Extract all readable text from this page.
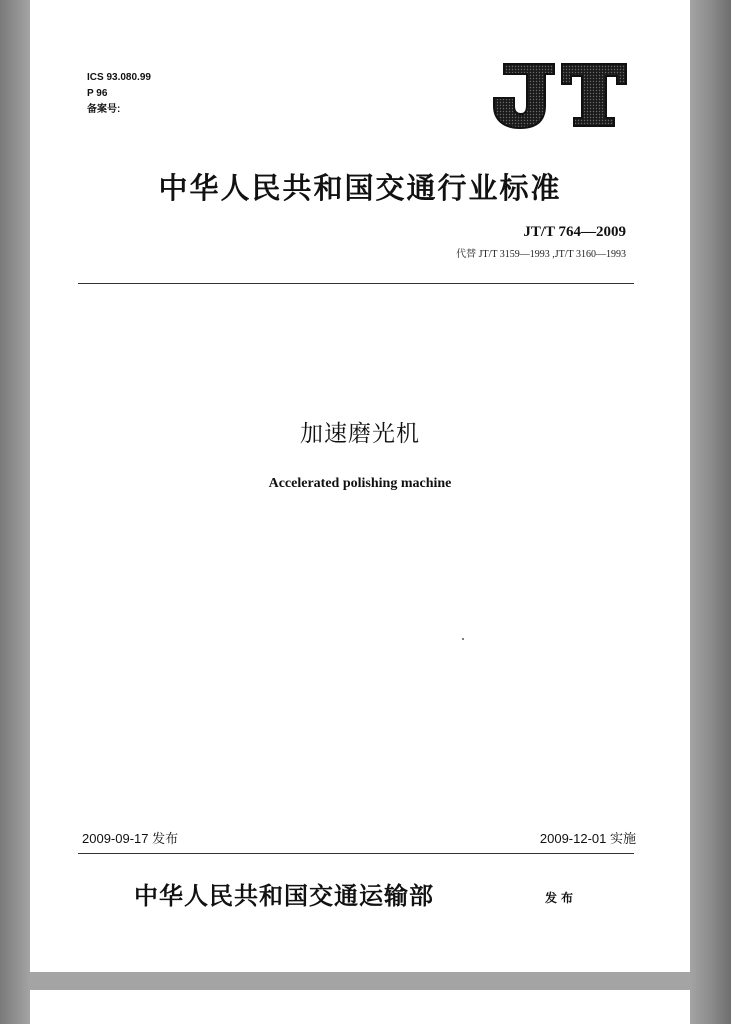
ICS 93.080.99
P 96
备案号:
中华人民共和国交通行业标准
JT/T 764—2009
代替 JT/T 3159—1993 ,JT/T 3160—1993
加速磨光机
Accelerated polishing machine
2009-09-17 发布	2009-12-01 实施
中华人民共和国交通运输部	发布
